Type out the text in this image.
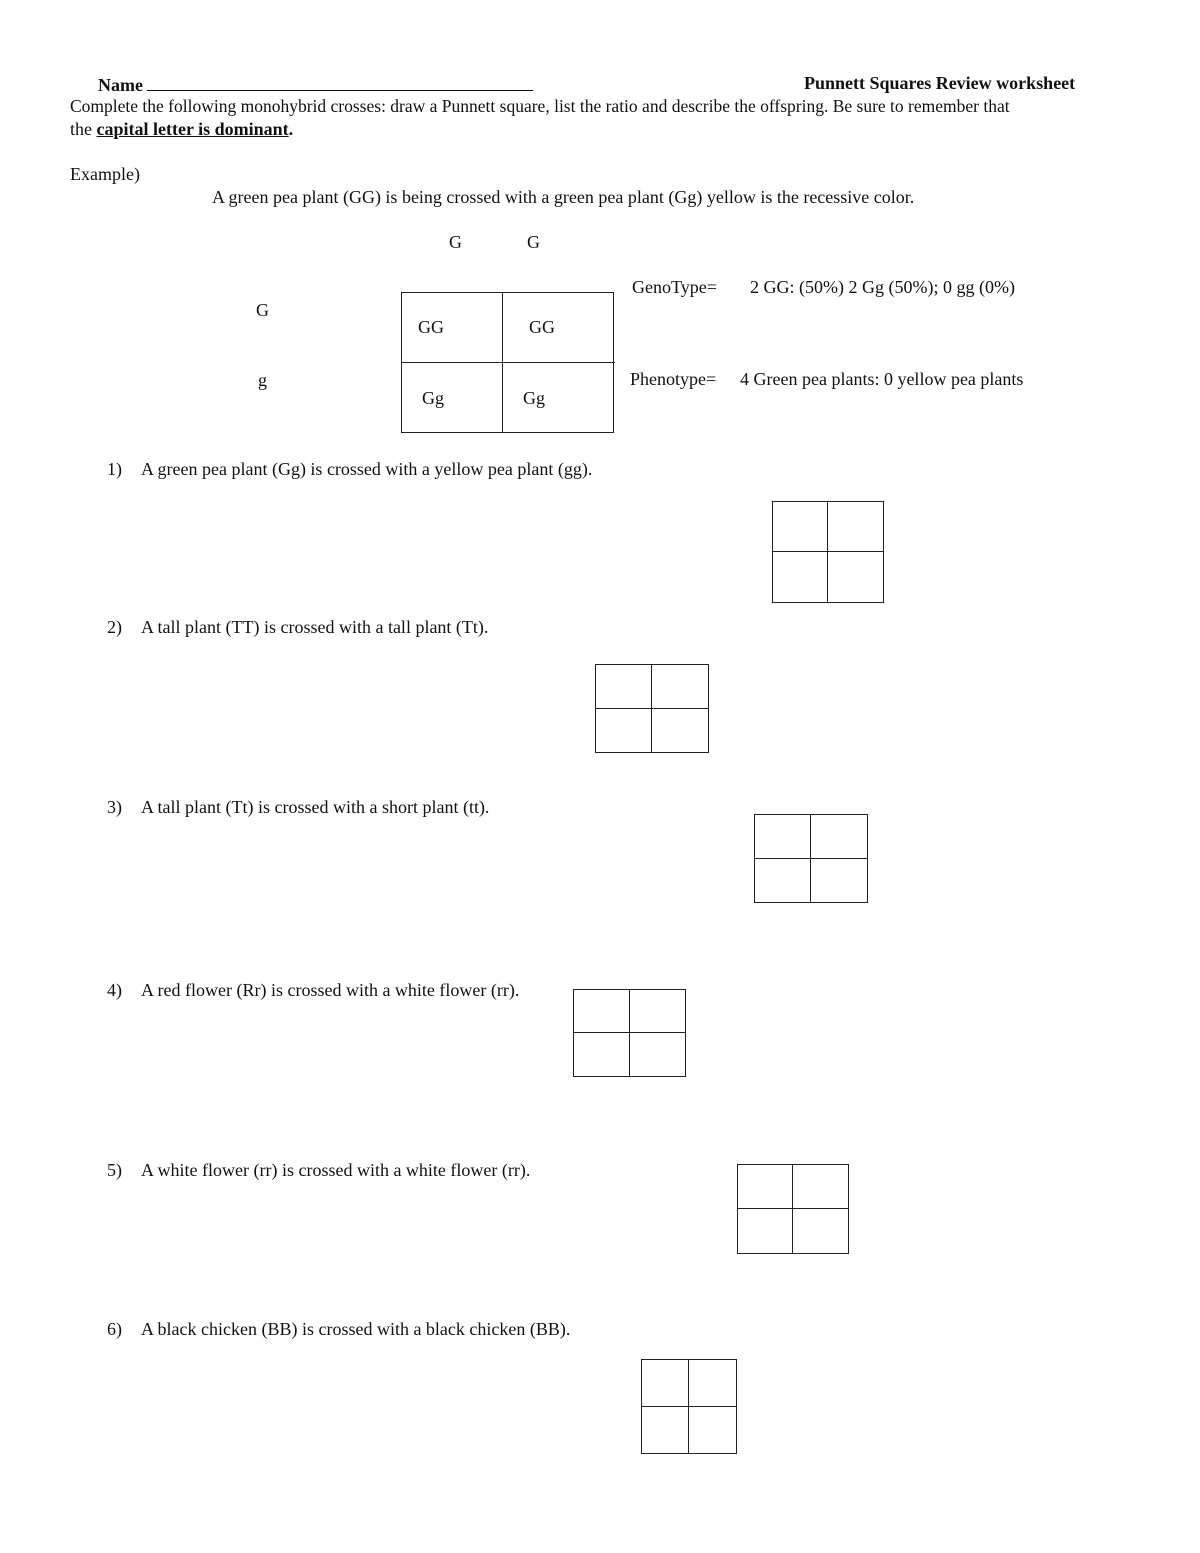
Name	Punnett Squares Review worksheet
Complete the following monohybrid crosses: draw a Punnett square, list the ratio and describe the offspring. Be sure to remember that
the capital letter is dominant.
Example)
A green pea plant (GG) is being crossed with a green pea plant (Gg) yellow is the recessive color.
G	G
G
g
GG	GG
Gg	Gg
GenoType= 2 GG: (50%) 2 Gg (50%); 0 gg (0%)
Phenotype= 4 Green pea plants: 0 yellow pea plants
1) A green pea plant (Gg) is crossed with a yellow pea plant (gg).
2) A tall plant (TT) is crossed with a tall plant (Tt).
3) A tall plant (Tt) is crossed with a short plant (tt).
4) A red flower (Rr) is crossed with a white flower (rr).
5) A white flower (rr) is crossed with a white flower (rr).
6) A black chicken (BB) is crossed with a black chicken (BB).
